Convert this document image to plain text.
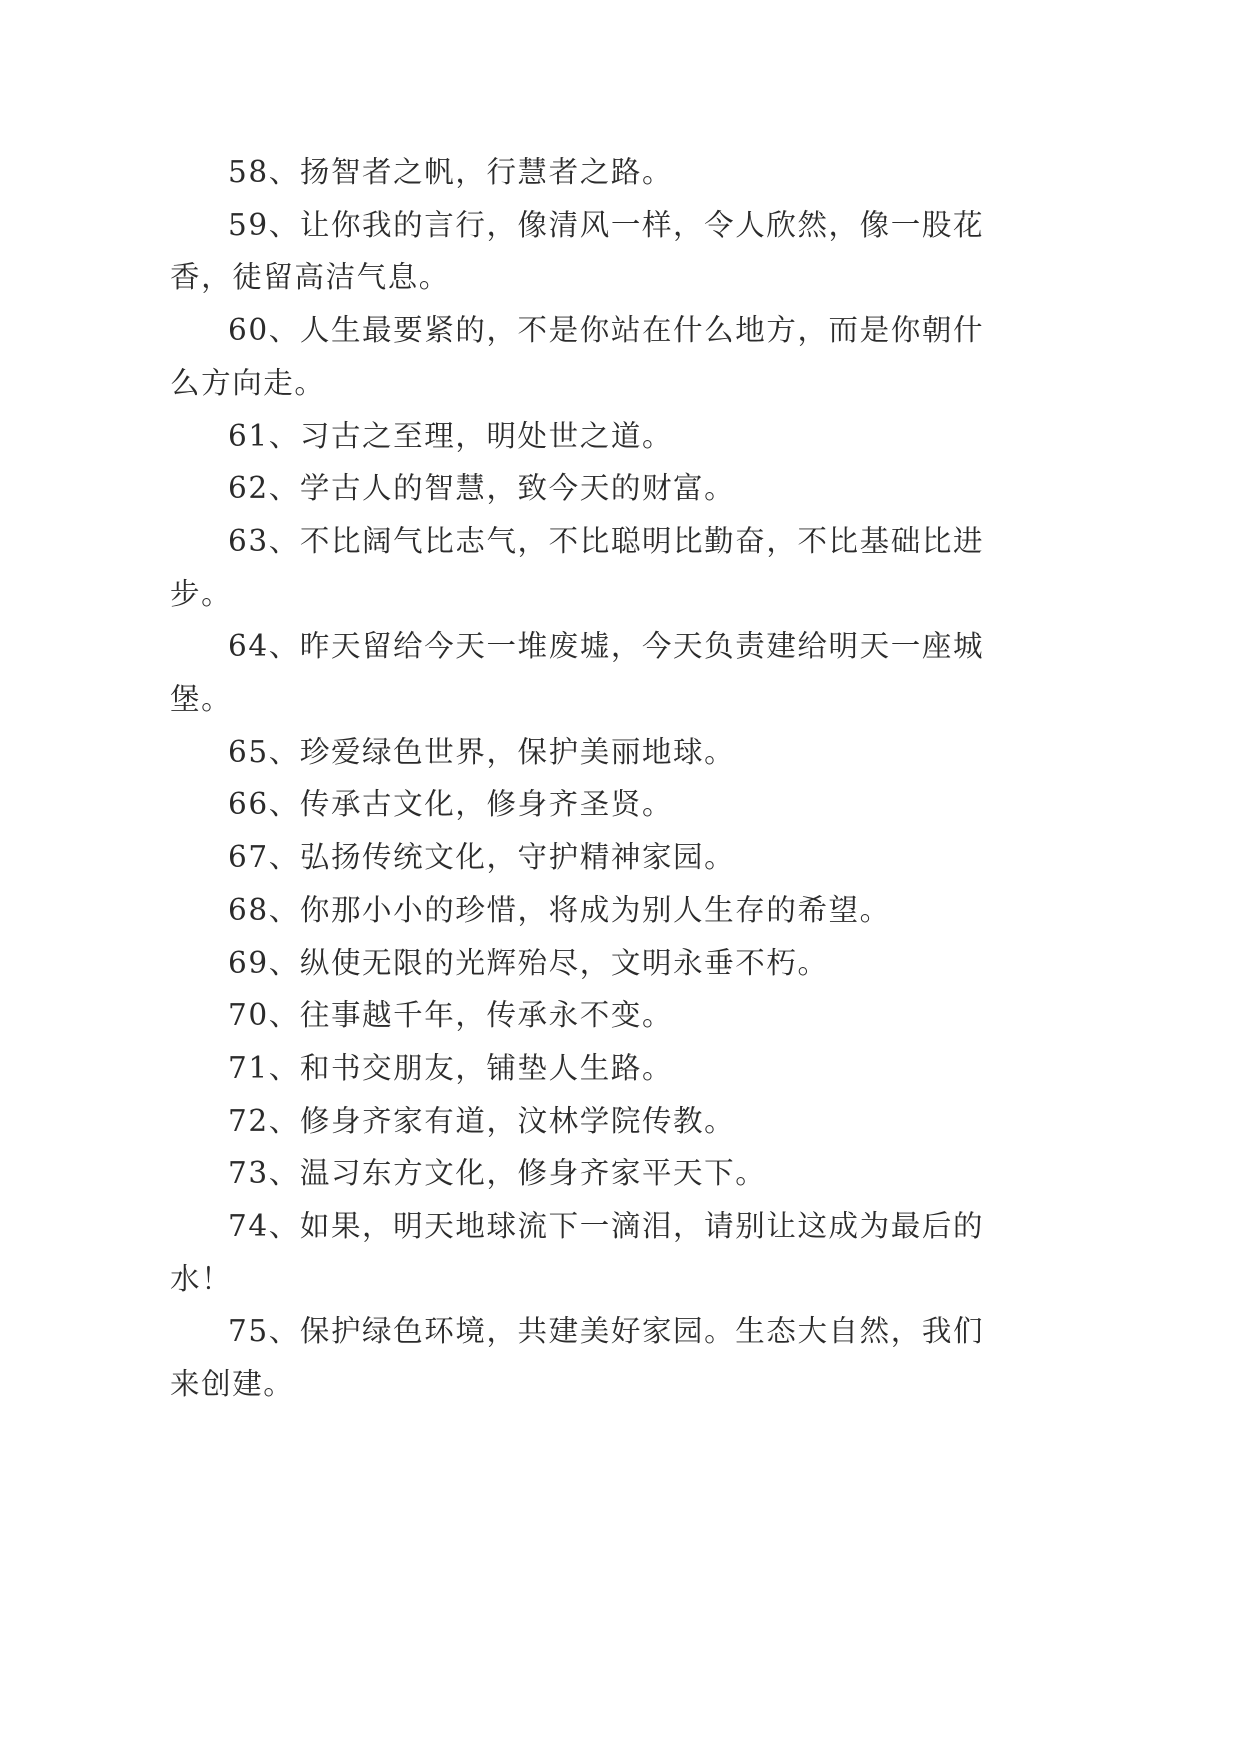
58、扬智者之帆，行慧者之路。
59、让你我的言行，像清风一样，令人欣然，像一股花
香，徒留高洁气息。
60、人生最要紧的，不是你站在什么地方，而是你朝什
么方向走。
61、习古之至理，明处世之道。
62、学古人的智慧，致今天的财富。
63、不比阔气比志气，不比聪明比勤奋，不比基础比进
步。
64、昨天留给今天一堆废墟，今天负责建给明天一座城
堡。
65、珍爱绿色世界，保护美丽地球。
66、传承古文化，修身齐圣贤。
67、弘扬传统文化，守护精神家园。
68、你那小小的珍惜，将成为别人生存的希望。
69、纵使无限的光辉殆尽，文明永垂不朽。
70、往事越千年，传承永不变。
71、和书交朋友，铺垫人生路。
72、修身齐家有道，汶林学院传教。
73、温习东方文化，修身齐家平天下。
74、如果，明天地球流下一滴泪，请别让这成为最后的
水！
75、保护绿色环境，共建美好家园。生态大自然，我们
来创建。
